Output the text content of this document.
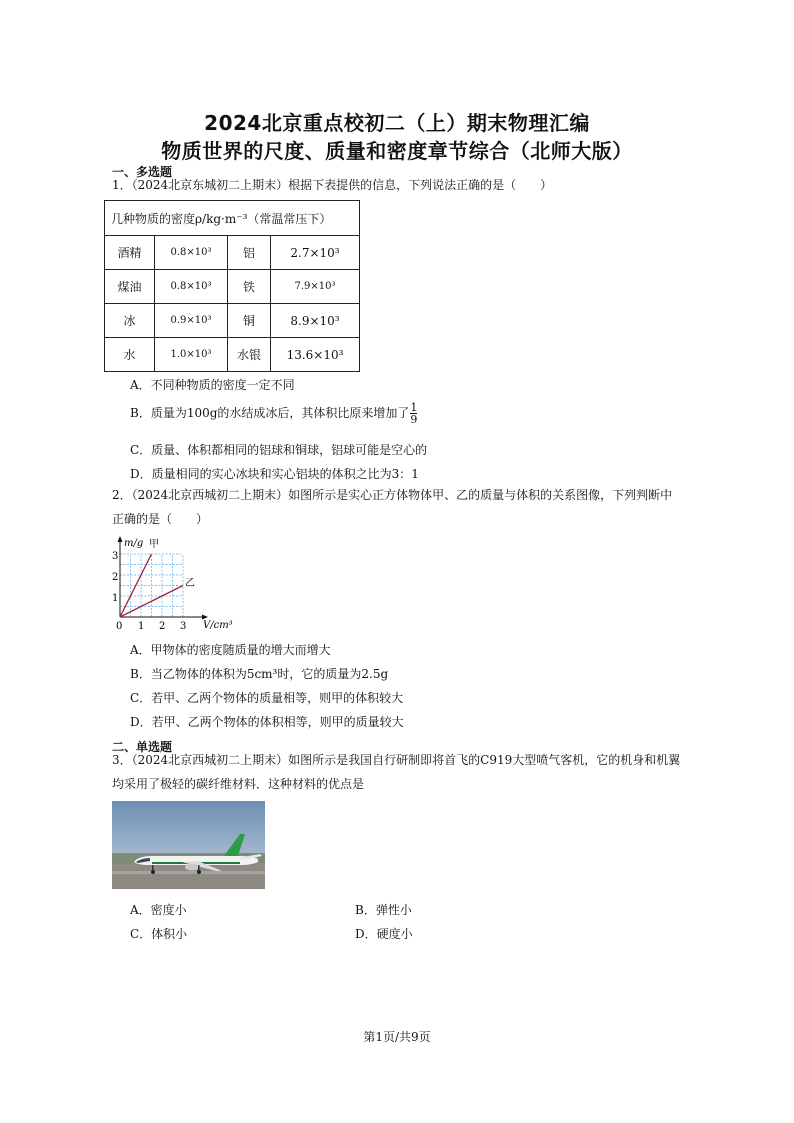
2024北京重点校初二（上）期末物理汇编
物质世界的尺度、质量和密度章节综合（北师大版）
一、多选题
1．（2024北京东城初二上期末）根据下表提供的信息，下列说法正确的是（　　）
几种物质的密度ρ/kg·m⁻³（常温常压下）			
酒精	0.8×10³	铝	2.7×10³
煤油	0.8×10³	铁	7.9×10³
冰	0.9×10³	铜	8.9×10³
水	1.0×10³	水银	13.6×10³
A．不同种物质的密度一定不同
B．质量为100g的水结成冰后，其体积比原来增加了 $\frac{1}{9}$
C．质量、体积都相同的铝球和铜球，铝球可能是空心的
D．质量相同的实心冰块和实心铝块的体积之比为3：1
2．（2024北京西城初二上期末）如图所示是实心正方体物体甲、乙的质量与体积的关系图像，下列判断中
正确的是（　　）
m/g
V/cm³
甲
乙
0 1 2 3
1
2
3
A．甲物体的密度随质量的增大而增大
B．当乙物体的体积为5cm³时，它的质量为2.5g
C．若甲、乙两个物体的质量相等，则甲的体积较大
D．若甲、乙两个物体的体积相等，则甲的质量较大
二、单选题
3．（2024北京西城初二上期末）如图所示是我国自行研制即将首飞的C919大型喷气客机，它的机身和机翼
均采用了极轻的碳纤维材料．这种材料的优点是
A．密度小	B．弹性小
C．体积小	D．硬度小
第1页/共9页
